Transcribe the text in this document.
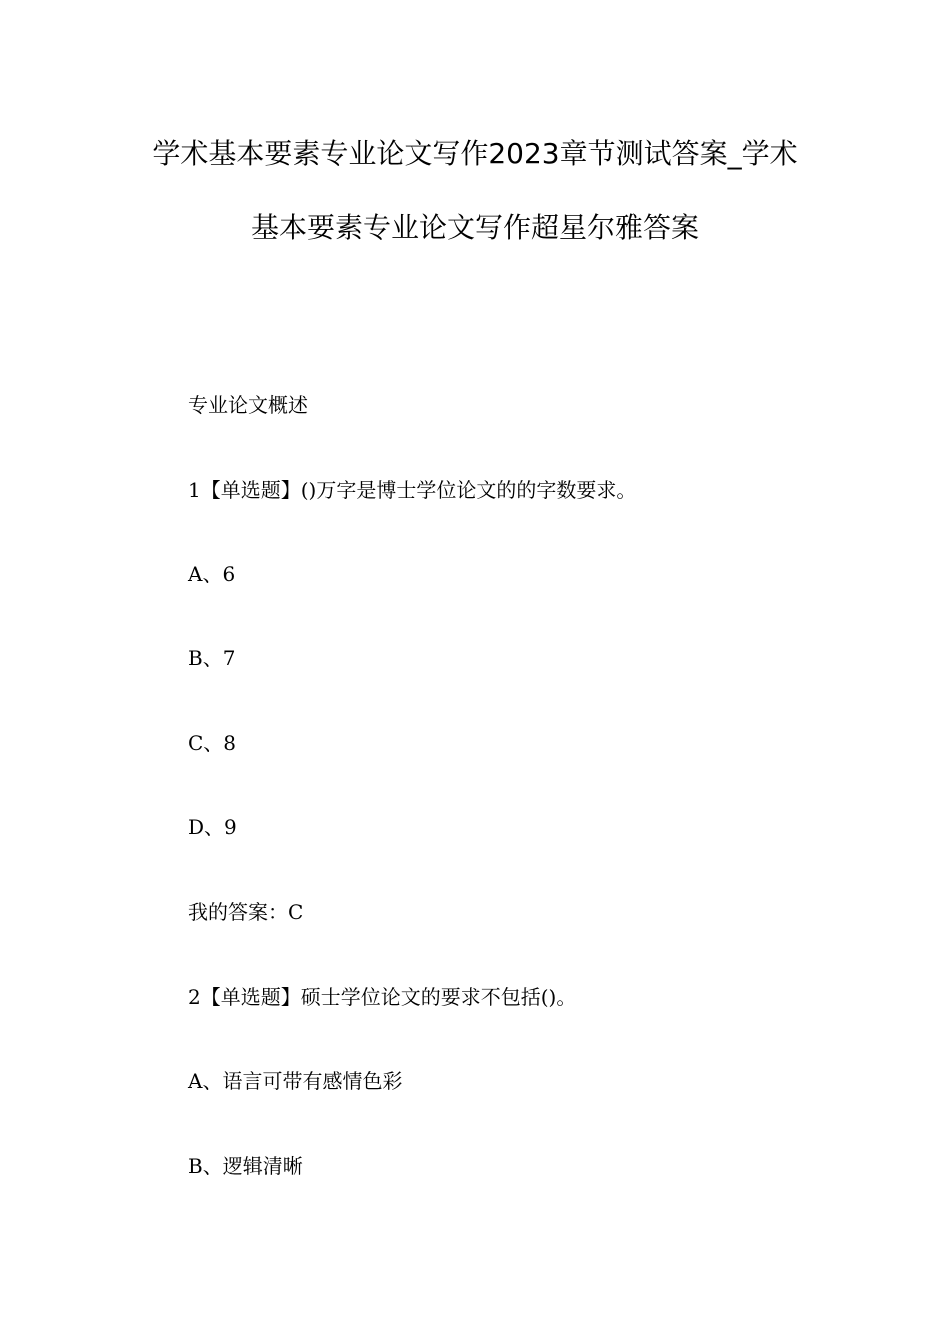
学术基本要素专业论文写作2023章节测试答案_学术
基本要素专业论文写作超星尔雅答案
专业论文概述
1【单选题】()万字是博士学位论文的的字数要求。
A、6
B、7
C、8
D、9
我的答案：C
2【单选题】硕士学位论文的要求不包括()。
A、语言可带有感情色彩
B、逻辑清晰
